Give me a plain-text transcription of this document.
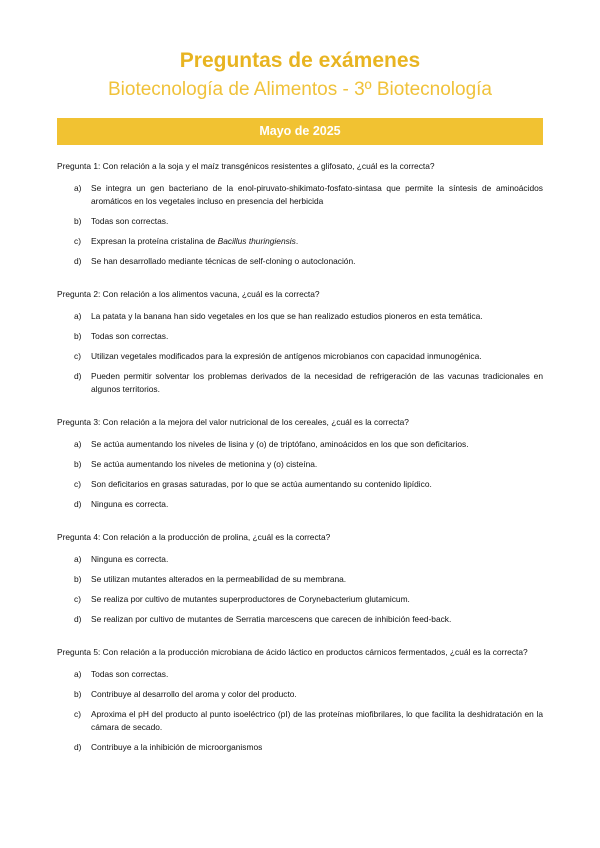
Preguntas de exámenes
Biotecnología de Alimentos - 3º Biotecnología
Mayo de 2025

Pregunta 1: Con relación a la soja y el maíz transgénicos resistentes a glifosato, ¿cuál es la correcta?

a)	Se integra un gen bacteriano de la enol-piruvato-shikimato-fosfato-sintasa que permite la síntesis de aminoácidos aromáticos en los vegetales incluso en presencia del herbicida
b)	Todas son correctas.
c)	Expresan la proteína cristalina de Bacillus thuringiensis.
d)	Se han desarrollado mediante técnicas de self-cloning o autoclonación.

Pregunta 2: Con relación a los alimentos vacuna, ¿cuál es la correcta?

a)	La patata y la banana han sido vegetales en los que se han realizado estudios pioneros en esta temática.
b)	Todas son correctas.
c)	Utilizan vegetales modificados para la expresión de antígenos microbianos con capacidad inmunogénica.
d)	Pueden permitir solventar los problemas derivados de la necesidad de refrigeración de las vacunas tradicionales en algunos territorios.

Pregunta 3: Con relación a la mejora del valor nutricional de los cereales, ¿cuál es la correcta?

a)	Se actúa aumentando los niveles de lisina y (o) de triptófano, aminoácidos en los que son deficitarios.
b)	Se actúa aumentando los niveles de metionina y (o) cisteína.
c)	Son deficitarios en grasas saturadas, por lo que se actúa aumentando su contenido lipídico.
d)	Ninguna es correcta.

Pregunta 4: Con relación a la producción de prolina, ¿cuál es la correcta?

a)	Ninguna es correcta.
b)	Se utilizan mutantes alterados en la permeabilidad de su membrana.
c)	Se realiza por cultivo de mutantes superproductores de Corynebacterium glutamicum.
d)	Se realizan por cultivo de mutantes de Serratia marcescens que carecen de inhibición feed-back.

Pregunta 5: Con relación a la producción microbiana de ácido láctico en productos cárnicos fermentados, ¿cuál es la correcta?

a)	Todas son correctas.
b)	Contribuye al desarrollo del aroma y color del producto.
c)	Aproxima el pH del producto al punto isoeléctrico (pI) de las proteínas miofibrilares, lo que facilita la deshidratación en la cámara de secado.
d)	Contribuye a la inhibición de microorganismos
